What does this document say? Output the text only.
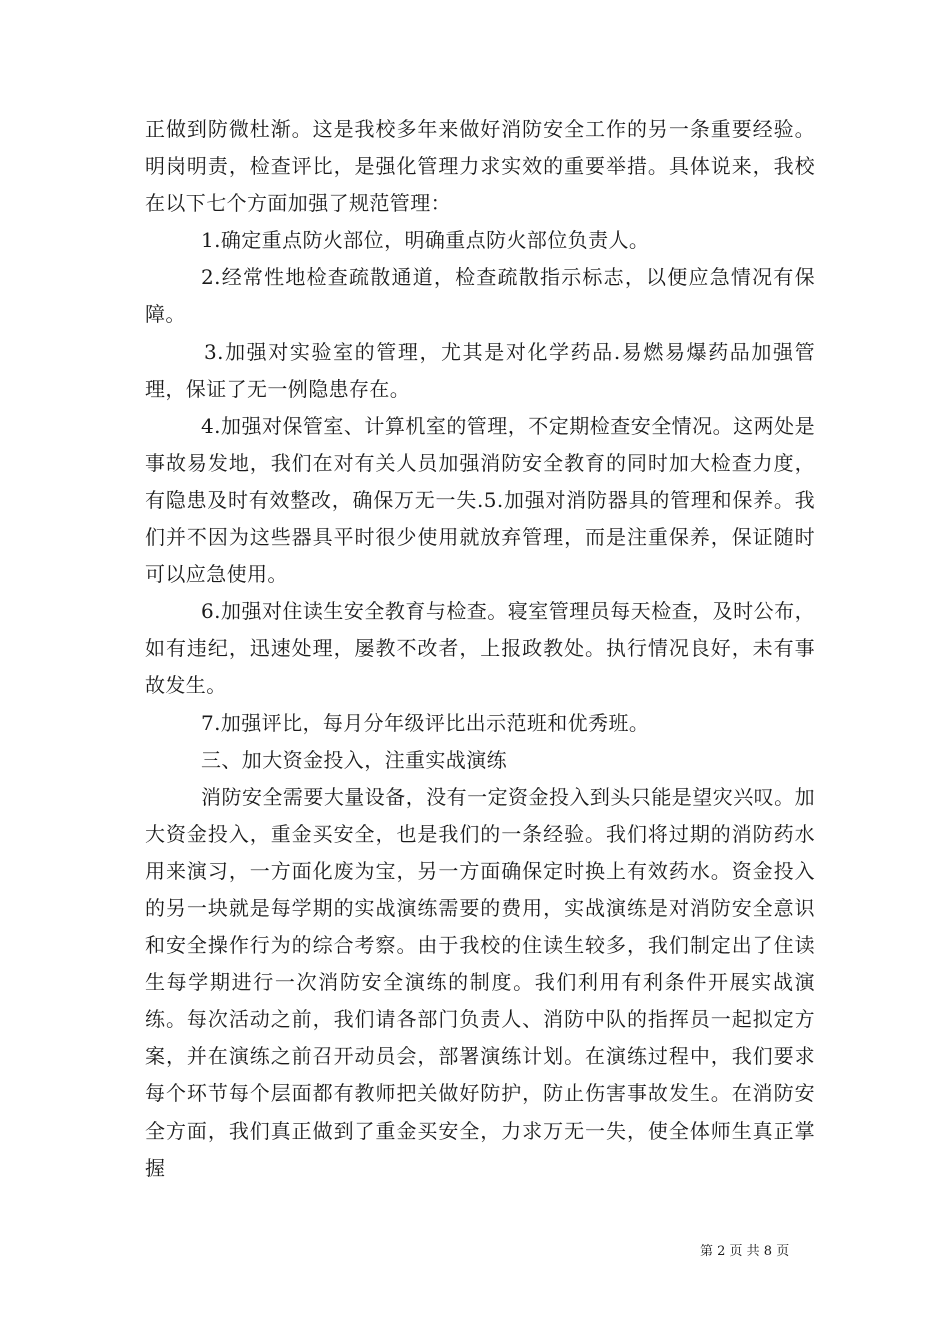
正做到防微杜渐。这是我校多年来做好消防安全工作的另一条重要经验。明岗明责，检查评比，是强化管理力求实效的重要举措。具体说来，我校在以下七个方面加强了规范管理：

1.确定重点防火部位，明确重点防火部位负责人。

2.经常性地检查疏散通道，检查疏散指示标志，以便应急情况有保障。

3.加强对实验室的管理，尤其是对化学药品.易燃易爆药品加强管理，保证了无一例隐患存在。

4.加强对保管室、计算机室的管理，不定期检查安全情况。这两处是事故易发地，我们在对有关人员加强消防安全教育的同时加大检查力度，有隐患及时有效整改，确保万无一失.5.加强对消防器具的管理和保养。我们并不因为这些器具平时很少使用就放弃管理，而是注重保养，保证随时可以应急使用。

6.加强对住读生安全教育与检查。寝室管理员每天检查，及时公布，如有违纪，迅速处理，屡教不改者，上报政教处。执行情况良好，未有事故发生。

7.加强评比，每月分年级评比出示范班和优秀班。

三、加大资金投入，注重实战演练

消防安全需要大量设备，没有一定资金投入到头只能是望灾兴叹。加大资金投入，重金买安全，也是我们的一条经验。我们将过期的消防药水用来演习，一方面化废为宝，另一方面确保定时换上有效药水。资金投入的另一块就是每学期的实战演练需要的费用，实战演练是对消防安全意识和安全操作行为的综合考察。由于我校的住读生较多，我们制定出了住读生每学期进行一次消防安全演练的制度。我们利用有利条件开展实战演练。每次活动之前，我们请各部门负责人、消防中队的指挥员一起拟定方案，并在演练之前召开动员会，部署演练计划。在演练过程中，我们要求每个环节每个层面都有教师把关做好防护，防止伤害事故发生。在消防安全方面，我们真正做到了重金买安全，力求万无一失，使全体师生真正掌握

第 2 页 共 8 页
